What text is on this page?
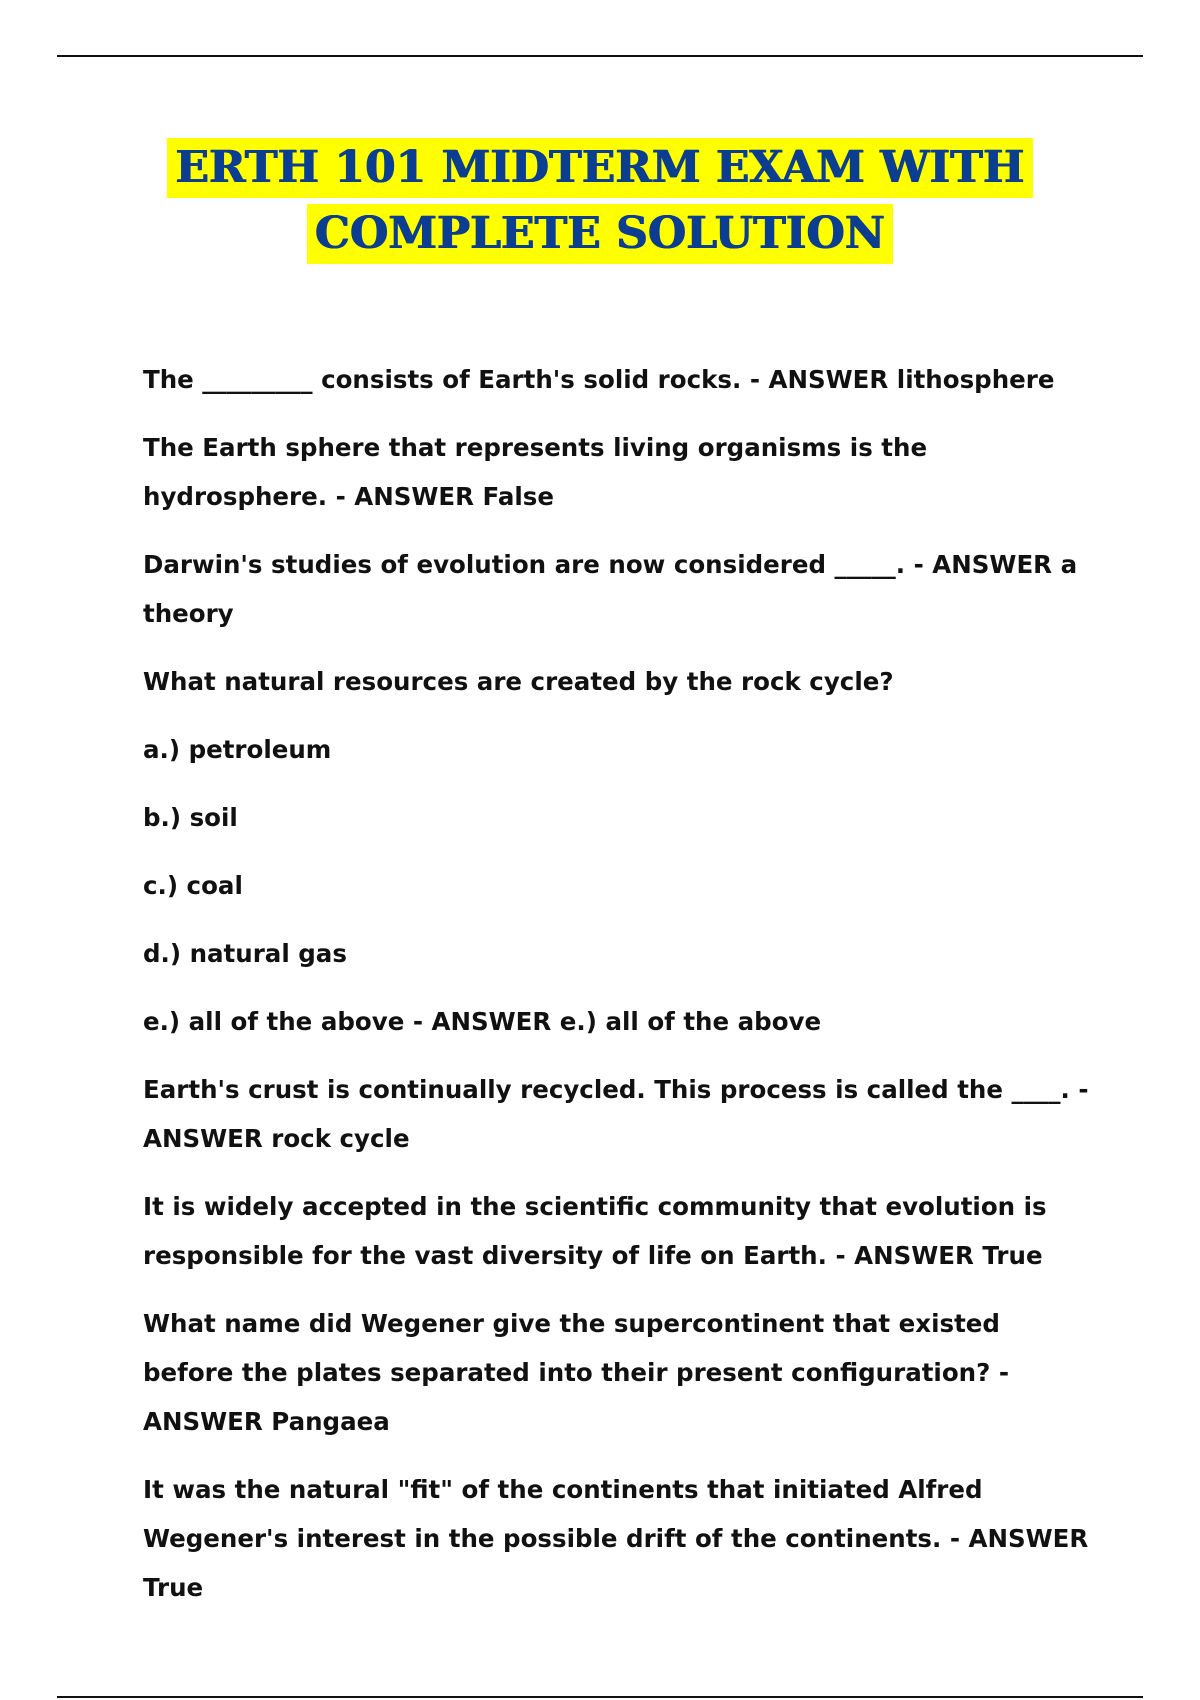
ERTH 101 MIDTERM EXAM WITH
COMPLETE SOLUTION

The _________ consists of Earth's solid rocks. - ANSWER lithosphere

The Earth sphere that represents living organisms is the hydrosphere. - ANSWER False

Darwin's studies of evolution are now considered _____. - ANSWER a theory

What natural resources are created by the rock cycle?

a.) petroleum

b.) soil

c.) coal

d.) natural gas

e.) all of the above - ANSWER e.) all of the above

Earth's crust is continually recycled. This process is called the ____. - ANSWER rock cycle

It is widely accepted in the scientific community that evolution is responsible for the vast diversity of life on Earth. - ANSWER True

What name did Wegener give the supercontinent that existed before the plates separated into their present configuration? - ANSWER Pangaea

It was the natural "fit" of the continents that initiated Alfred Wegener's interest in the possible drift of the continents. - ANSWER True
